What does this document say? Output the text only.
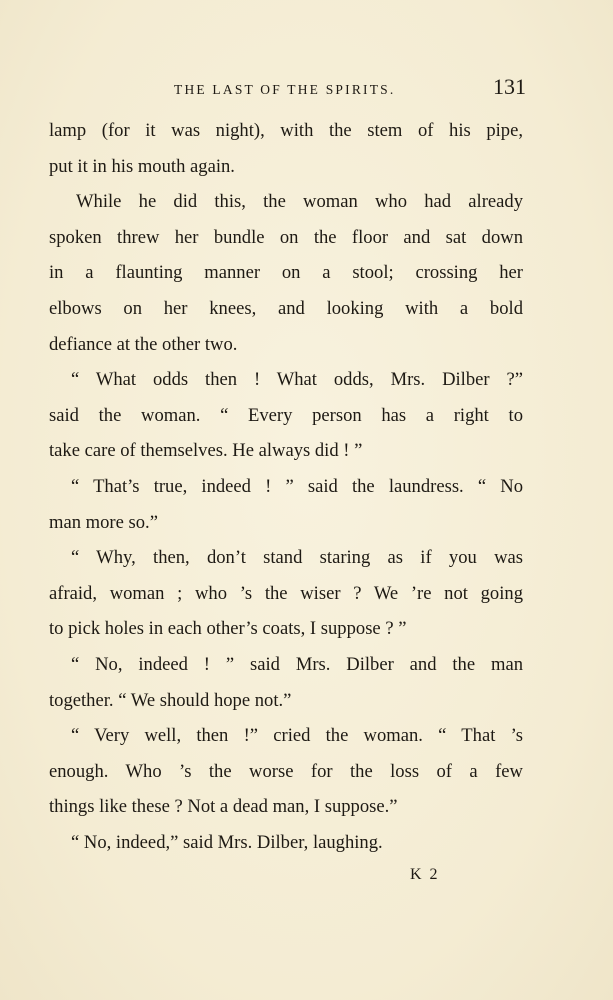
THE LAST OF THE SPIRITS.	131
lamp (for it was night), with the stem of his pipe,
put it in his mouth again.
While he did this, the woman who had already
spoken threw her bundle on the floor and sat down
in a flaunting manner on a stool; crossing her
elbows on her knees, and looking with a bold
defiance at the other two.
“ What odds then ! What odds, Mrs. Dilber ?”
said the woman. “ Every person has a right to
take care of themselves. He always did ! ”
“ That’s true, indeed ! ” said the laundress. “ No
man more so.”
“ Why, then, don’t stand staring as if you was
afraid, woman ; who ’s the wiser ? We ’re not going
to pick holes in each other’s coats, I suppose ? ”
“ No, indeed ! ” said Mrs. Dilber and the man
together. “ We should hope not.”
“ Very well, then !” cried the woman. “ That ’s
enough. Who ’s the worse for the loss of a few
things like these ? Not a dead man, I suppose.”
“ No, indeed,” said Mrs. Dilber, laughing.
K 2
